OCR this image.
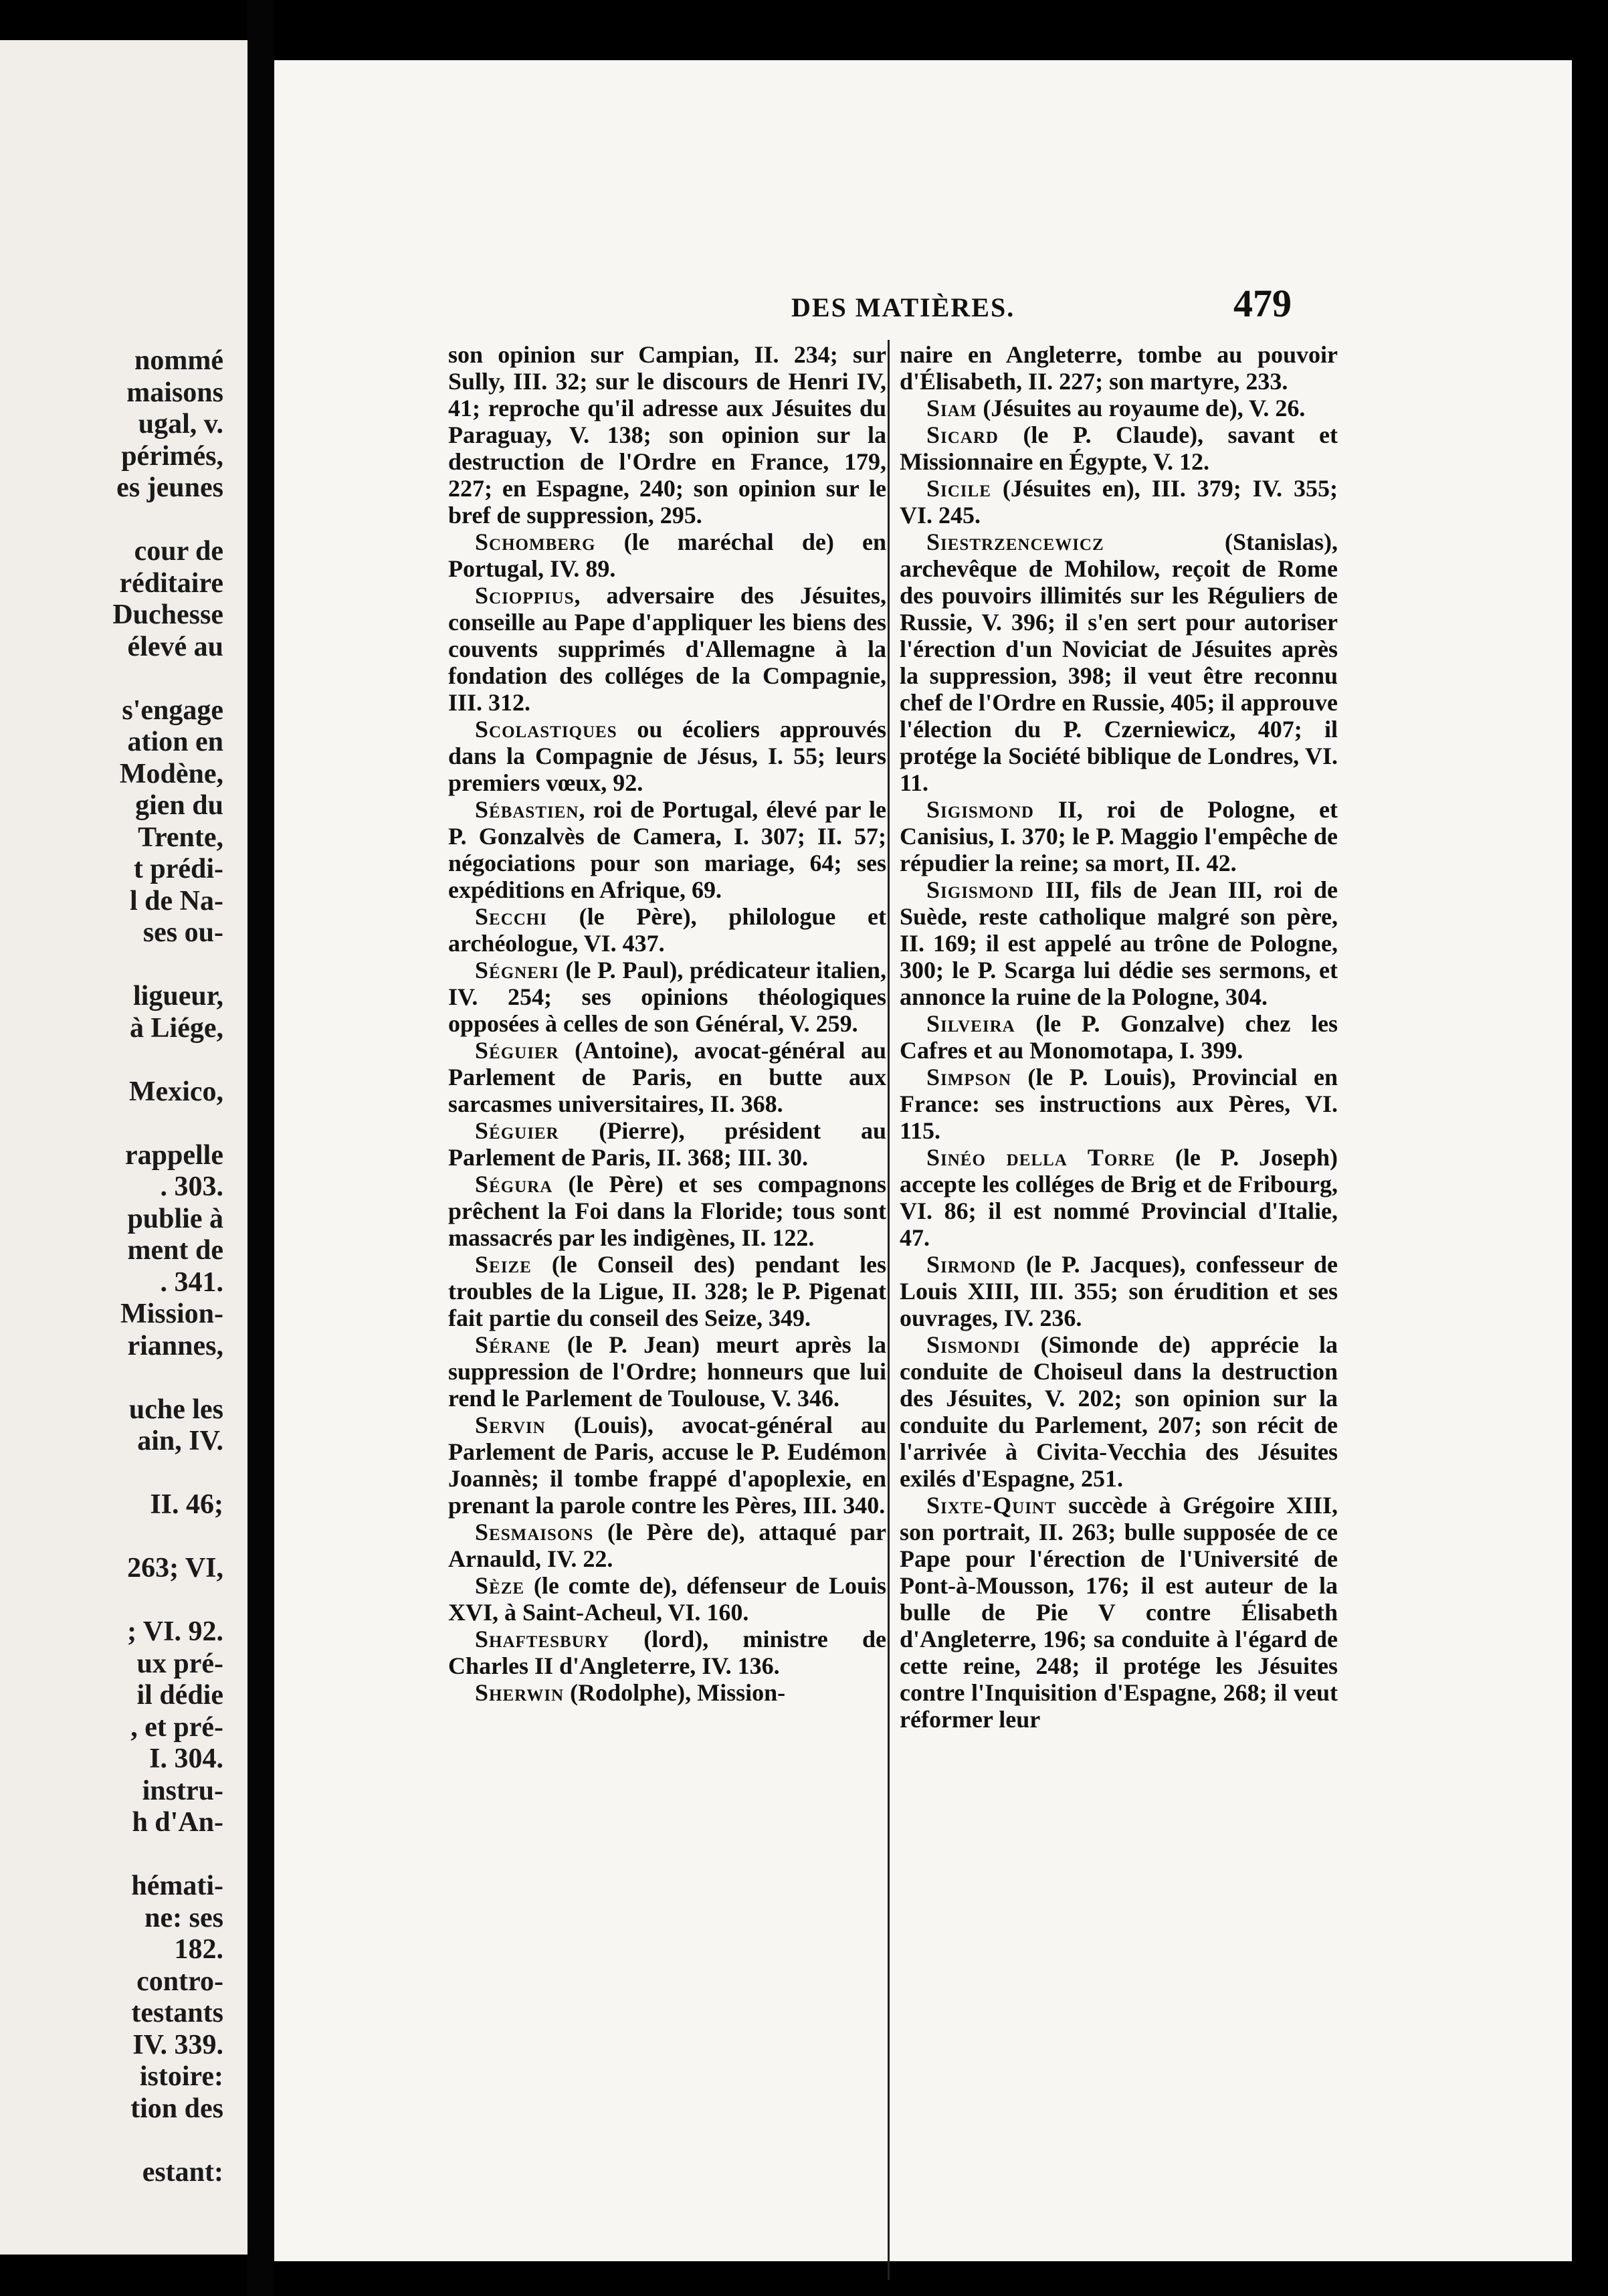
nommé
maisons
ugal, v.
périmés,
es jeunes
cour de
réditaire
Duchesse
élevé au
s'engage
ation en
Modène,
gien du
Trente,
t prédi-
l de Na-
ses ou-
ligueur,
à Liége,
Mexico,
rappelle
. 303.
publie à
ment de
. 341.
Mission-
riannes,
uche les
ain, IV.
II. 46;
263; VI,
; VI. 92.
ux pré-
il dédie
, et pré-
I. 304.
instru-
h d'An-
hémati-
ne: ses
182.
contro-
testants
IV. 339.
istoire:
tion des
estant:
DES MATIÈRES.	479

son opinion sur Campian, II. 234; sur Sully, III. 32; sur le discours de Henri IV, 41; reproche qu'il adresse aux Jésuites du Paraguay, V. 138; son opinion sur la destruction de l'Ordre en France, 179, 227; en Espagne, 240; son opinion sur le bref de suppression, 295.

Schomberg (le maréchal de) en Portugal, IV. 89.

Scioppius, adversaire des Jésuites, conseille au Pape d'appliquer les biens des couvents supprimés d'Allemagne à la fondation des colléges de la Compagnie, III. 312.

Scolastiques ou écoliers approuvés dans la Compagnie de Jésus, I. 55; leurs premiers vœux, 92.

Sébastien, roi de Portugal, élevé par le P. Gonzalvès de Camera, I. 307; II. 57; négociations pour son mariage, 64; ses expéditions en Afrique, 69.

Secchi (le Père), philologue et archéologue, VI. 437.

Ségneri (le P. Paul), prédicateur italien, IV. 254; ses opinions théologiques opposées à celles de son Général, V. 259.

Séguier (Antoine), avocat-général au Parlement de Paris, en butte aux sarcasmes universitaires, II. 368.

Séguier (Pierre), président au Parlement de Paris, II. 368; III. 30.

Ségura (le Père) et ses compagnons prêchent la Foi dans la Floride; tous sont massacrés par les indigènes, II. 122.

Seize (le Conseil des) pendant les troubles de la Ligue, II. 328; le P. Pigenat fait partie du conseil des Seize, 349.

Sérane (le P. Jean) meurt après la suppression de l'Ordre; honneurs que lui rend le Parlement de Toulouse, V. 346.

Servin (Louis), avocat-général au Parlement de Paris, accuse le P. Eudémon Joannès; il tombe frappé d'apoplexie, en prenant la parole contre les Pères, III. 340.

Sesmaisons (le Père de), attaqué par Arnauld, IV. 22.

Sèze (le comte de), défenseur de Louis XVI, à Saint-Acheul, VI. 160.

Shaftesbury (lord), ministre de Charles II d'Angleterre, IV. 136.

Sherwin (Rodolphe), Mission-

naire en Angleterre, tombe au pouvoir d'Élisabeth, II. 227; son martyre, 233.

Siam (Jésuites au royaume de), V. 26.

Sicard (le P. Claude), savant et Missionnaire en Égypte, V. 12.

Sicile (Jésuites en), III. 379; IV. 355; VI. 245.

Siestrzencewicz (Stanislas), archevêque de Mohilow, reçoit de Rome des pouvoirs illimités sur les Réguliers de Russie, V. 396; il s'en sert pour autoriser l'érection d'un Noviciat de Jésuites après la suppression, 398; il veut être reconnu chef de l'Ordre en Russie, 405; il approuve l'élection du P. Czerniewicz, 407; il protége la Société biblique de Londres, VI. 11.

Sigismond II, roi de Pologne, et Canisius, I. 370; le P. Maggio l'empêche de répudier la reine; sa mort, II. 42.

Sigismond III, fils de Jean III, roi de Suède, reste catholique malgré son père, II. 169; il est appelé au trône de Pologne, 300; le P. Scarga lui dédie ses sermons, et annonce la ruine de la Pologne, 304.

Silveira (le P. Gonzalve) chez les Cafres et au Monomotapa, I. 399.

Simpson (le P. Louis), Provincial en France: ses instructions aux Pères, VI. 115.

Sinéo della Torre (le P. Joseph) accepte les colléges de Brig et de Fribourg, VI. 86; il est nommé Provincial d'Italie, 47.

Sirmond (le P. Jacques), confesseur de Louis XIII, III. 355; son érudition et ses ouvrages, IV. 236.

Sismondi (Simonde de) apprécie la conduite de Choiseul dans la destruction des Jésuites, V. 202; son opinion sur la conduite du Parlement, 207; son récit de l'arrivée à Civita-Vecchia des Jésuites exilés d'Espagne, 251.

Sixte-Quint succède à Grégoire XIII, son portrait, II. 263; bulle supposée de ce Pape pour l'érection de l'Université de Pont-à-Mousson, 176; il est auteur de la bulle de Pie V contre Élisabeth d'Angleterre, 196; sa conduite à l'égard de cette reine, 248; il protége les Jésuites contre l'Inquisition d'Espagne, 268; il veut réformer leur
